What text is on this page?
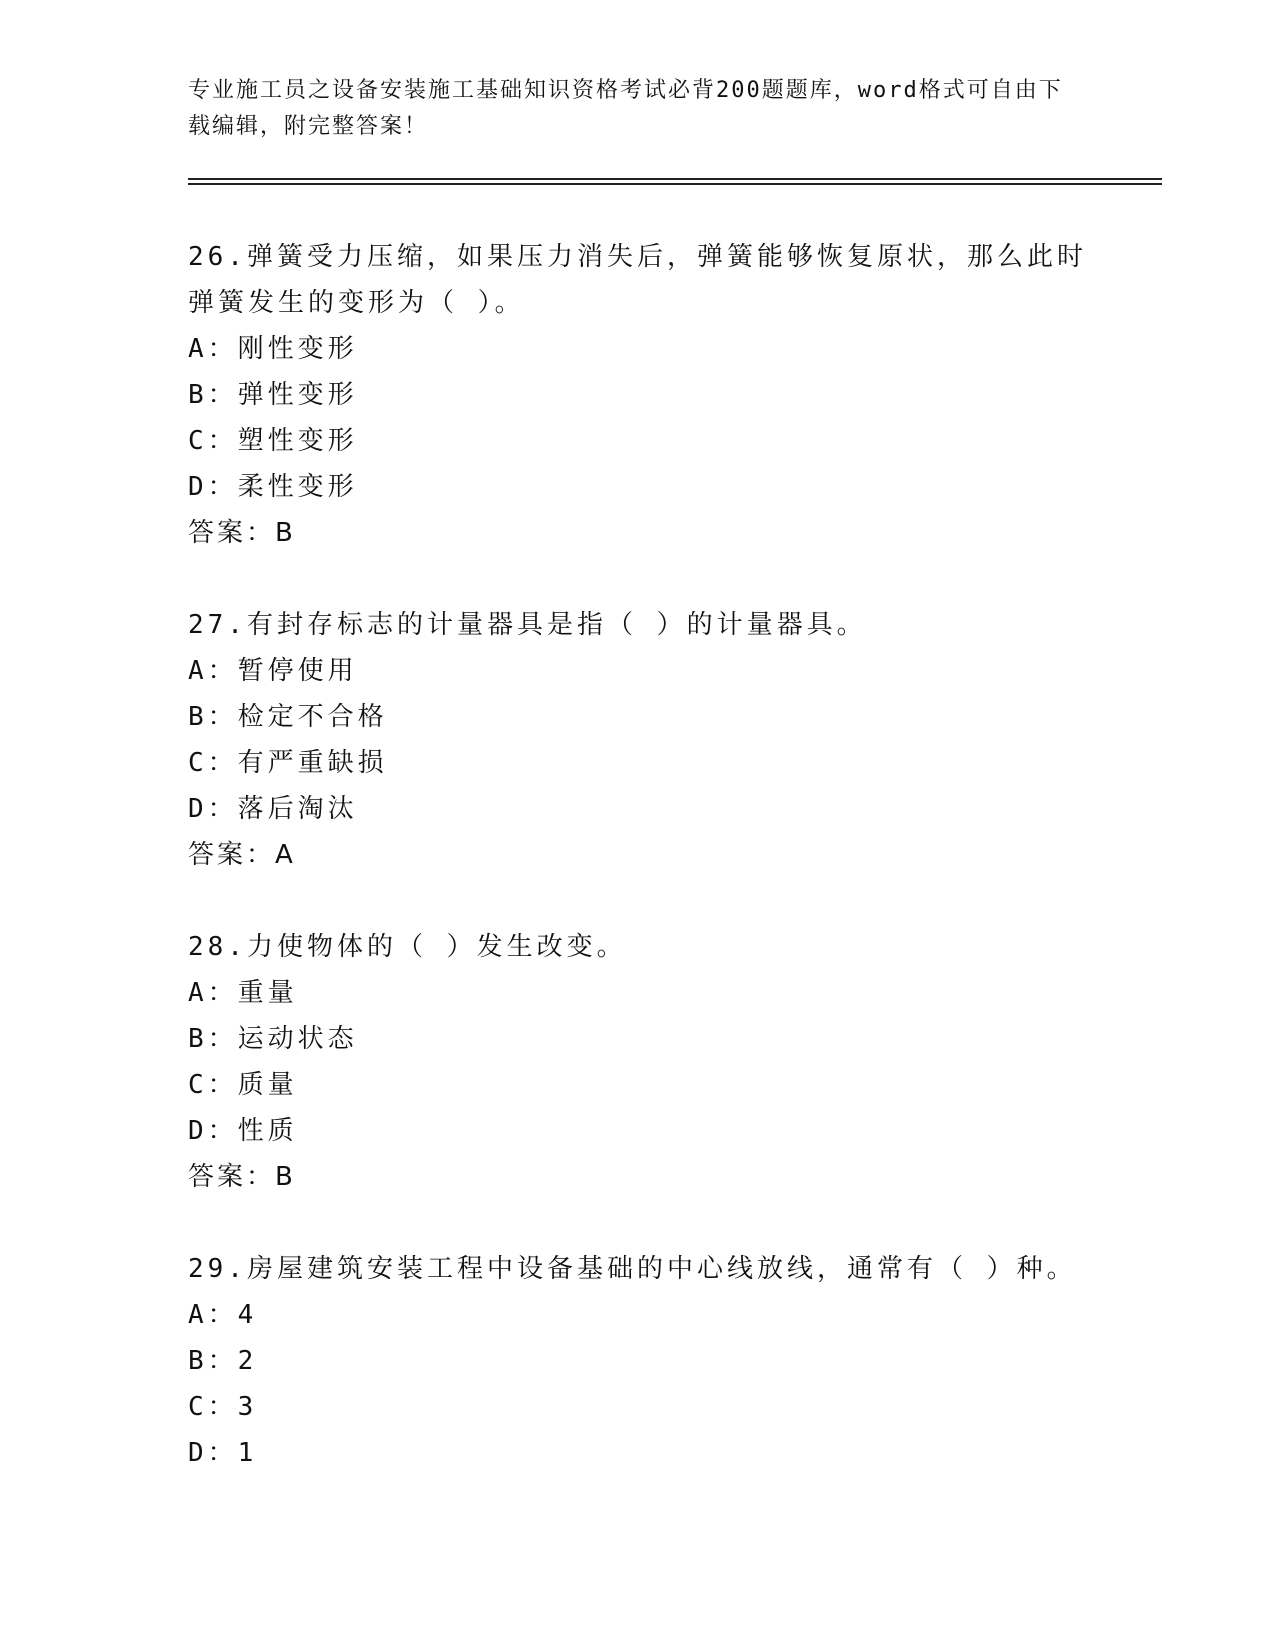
专业施工员之设备安装施工基础知识资格考试必背200题题库，word格式可自由下载编辑，附完整答案！
26.弹簧受力压缩，如果压力消失后，弹簧能够恢复原状，那么此时弹簧发生的变形为（ ）。
A：刚性变形
B：弹性变形
C：塑性变形
D：柔性变形
答案：B
27.有封存标志的计量器具是指（ ）的计量器具。
A：暂停使用
B：检定不合格
C：有严重缺损
D：落后淘汰
答案：A
28.力使物体的（ ）发生改变。
A：重量
B：运动状态
C：质量
D：性质
答案：B
29.房屋建筑安装工程中设备基础的中心线放线，通常有（ ）种。
A：4
B：2
C：3
D：1
